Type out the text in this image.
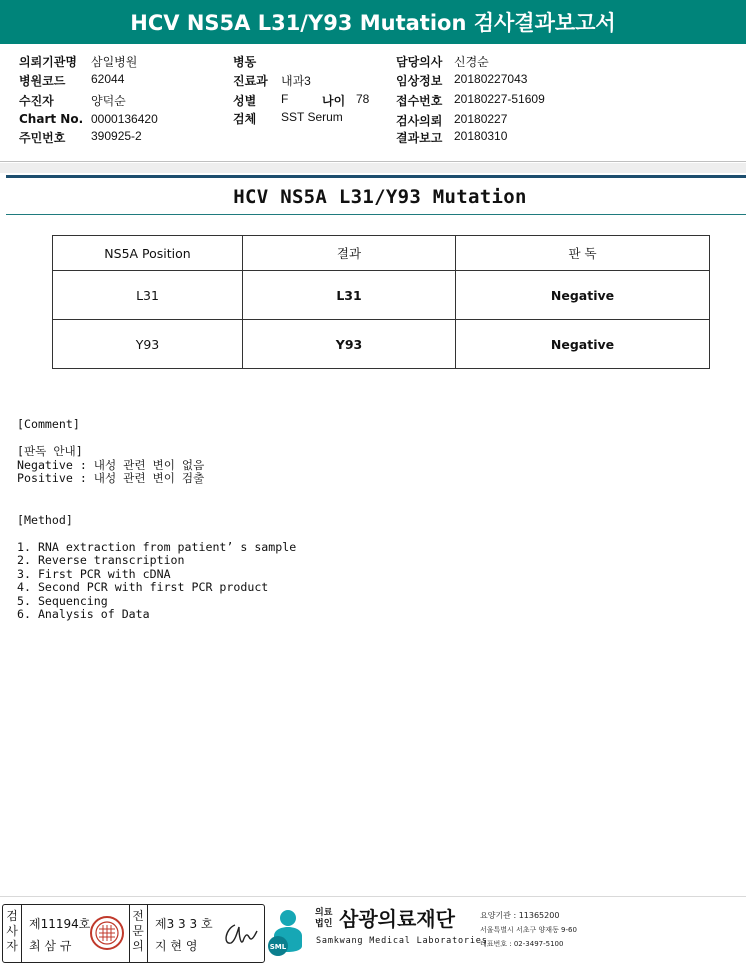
HCV NS5A L31/Y93 Mutation 검사결과보고서
의뢰기관명 삼일병원
병원코드 62044
수진자	양덕순
Chart No. 0000136420
주민번호 390925-2
병동
진료과 내과3
성별 F	나이 78
검체 SST Serum
담당의사 신경순
임상정보 20180227043
접수번호 20180227-51609
검사의뢰 20180227
결과보고 20180310
HCV NS5A L31/Y93 Mutation
NS5A Position	결과	판 독
L31	L31	Negative
Y93	Y93	Negative
[Comment]
[판독 안내]
Negative : 내성 관련 변이 없음
Positive : 내성 관련 변이 검출
[Method]
1. RNA extraction from patient’ s sample
2. Reverse transcription
3. First PCR with cDNA
4. Second PCR with first PCR product
5. Sequencing
6. Analysis of Data
검사자
제11194호
최 삼 규
전문의
제3 3 3 호
지 현 영	SML
의료법인 삼광의료재단
Samkwang Medical Laboratories
요양기관 : 11365200
서울특별시 서초구 양재동 9-60
대표번호 : 02-3497-5100
